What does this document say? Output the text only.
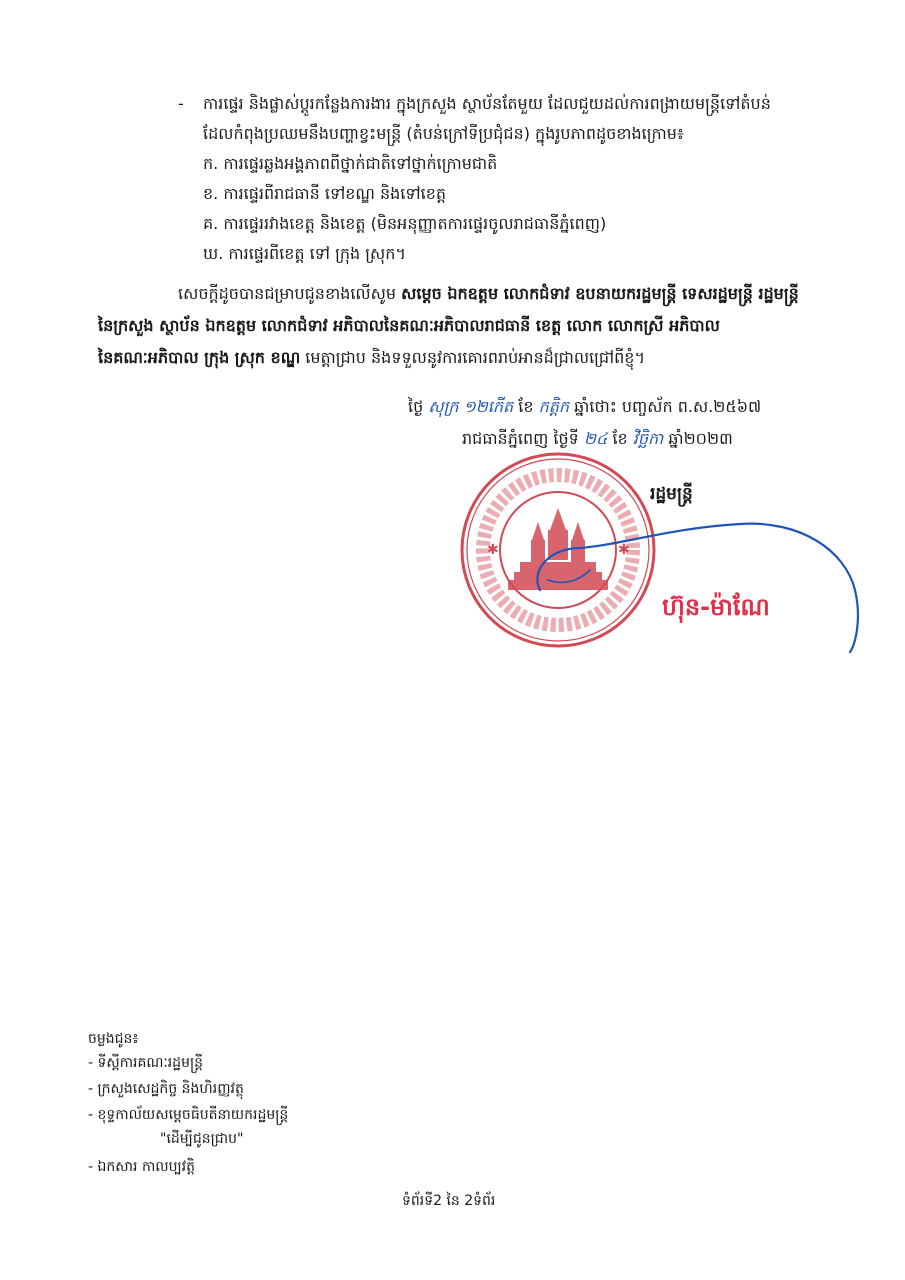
- ការផ្ទេរ និងផ្លាស់ប្តូរកន្លែងការងារ ក្នុងក្រសួង ស្ថាប័នតែមួយ ដែលជួយដល់ការពង្រាយមន្ត្រីទៅតំបន់
ដែលកំពុងប្រឈមនឹងបញ្ហាខ្វះមន្ត្រី (តំបន់ក្រៅទីប្រជុំជន) ក្នុងរូបភាពដូចខាងក្រោម៖
ក. ការផ្ទេរឆ្លងអង្គភាពពីថ្នាក់ជាតិទៅថ្នាក់ក្រោមជាតិ
ខ. ការផ្ទេរពីរាជធានី ទៅខណ្ឌ និងទៅខេត្ត
គ. ការផ្ទេររវាងខេត្ត និងខេត្ត (មិនអនុញ្ញាតការផ្ទេរចូលរាជធានីភ្នំពេញ)
ឃ. ការផ្ទេរពីខេត្ត ទៅ ក្រុង ស្រុក។
សេចក្តីដូចបានជម្រាបជូនខាងលើសូម សម្តេច ឯកឧត្តម លោកជំទាវ ឧបនាយករដ្ឋមន្ត្រី ទេសរដ្ឋមន្ត្រី រដ្ឋមន្ត្រី
នៃក្រសួង ស្ថាប័ន ឯកឧត្តម លោកជំទាវ អភិបាលនៃគណៈអភិបាលរាជធានី ខេត្ត លោក លោកស្រី អភិបាល
នៃគណៈអភិបាល ក្រុង ស្រុក ខណ្ឌ មេត្តាជ្រាប និងទទួលនូវការគោរពរាប់អានដ៏ជ្រាលជ្រៅពីខ្ញុំ។
ថ្ងៃ សុក្រ ១២កើត ខែ កត្តិក ឆ្នាំថោះ បញ្ចស័ក ព.ស.២៥៦៧
រាជធានីភ្នំពេញ ថ្ងៃទី ២៤ ខែ វិច្ឆិកា ឆ្នាំ២០២៣
រដ្ឋមន្ត្រី
✱	✱
ហ៊ុន-ម៉ាណែ
ចម្លងជូន៖
- ទីស្តីការគណៈរដ្ឋមន្ត្រី
- ក្រសួងសេដ្ឋកិច្ច និងហិរញ្ញវត្ថុ
- ខុទ្ទកាល័យសម្តេចធិបតីនាយករដ្ឋមន្ត្រី
"ដើម្បីជូនជ្រាប"
- ឯកសារ កាលប្បវត្តិ
ទំព័រទី2 នៃ 2ទំព័រ
